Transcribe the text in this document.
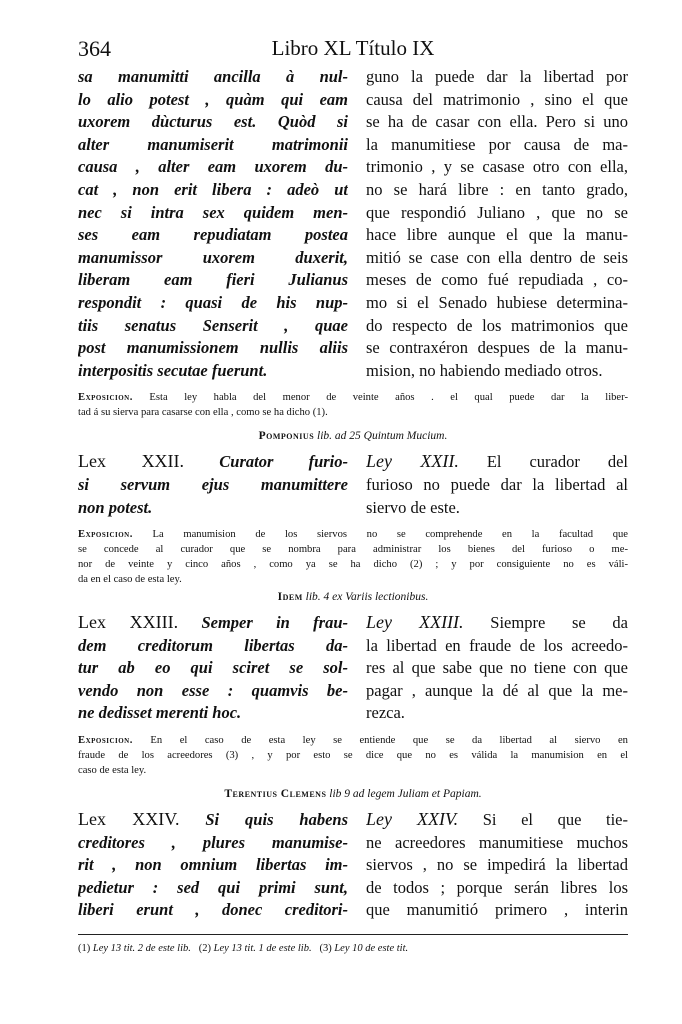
364	Libro XL Título IX
sa manumitti ancilla à nul-
lo alio potest , quàm qui eam
uxorem dùcturus est. Quòd si
alter manumiserit matrimonii
causa , alter eam uxorem du-
cat , non erit libera : adeò ut
nec si intra sex quidem men-
ses eam repudiatam postea
manumissor uxorem duxerit,
liberam eam fieri Julianus
respondit : quasi de his nup-
tiis senatus Senserit , quae
post manumissionem nullis aliis
interpositis secutae fuerunt.
guno la puede dar la libertad por
causa del matrimonio , sino el que
se ha de casar con ella. Pero si uno
la manumitiese por causa de ma-
trimonio , y se casase otro con ella,
no se hará libre : en tanto grado,
que respondió Juliano , que no se
hace libre aunque el que la manu-
mitió se case con ella dentro de seis
meses de como fué repudiada , co-
mo si el Senado hubiese determina-
do respecto de los matrimonios que
se contraxéron despues de la manu-
mision, no habiendo mediado otros.
Exposicion. Esta ley habla del menor de veinte años . el qual puede dar la liber-
tad á su sierva para casarse con ella , como se ha dicho (1).
Pomponius lib. ad 25 Quintum Mucium.
Lex XXII. Curator furio-
si servum ejus manumittere
non potest.
Ley XXII. El curador del
furioso no puede dar la libertad al
siervo de este.
Exposicion. La manumision de los siervos no se comprehende en la facultad que
se concede al curador que se nombra para administrar los bienes del furioso o me-
nor de veinte y cinco años , como ya se ha dicho (2) ; y por consiguiente no es váli-
da en el caso de esta ley.
Idem lib. 4 ex Variis lectionibus.
Lex XXIII. Semper in frau-
dem creditorum libertas da-
tur ab eo qui sciret se sol-
vendo non esse : quamvis be-
ne dedisset merenti hoc.
Ley XXIII. Siempre se da
la libertad en fraude de los acreedo-
res al que sabe que no tiene con que
pagar , aunque la dé al que la me-
rezca.
Exposicion. En el caso de esta ley se entiende que se da libertad al siervo en
fraude de los acreedores (3) , y por esto se dice que no es válida la manumision en el
caso de esta ley.
Terentius Clemens lib 9 ad legem Juliam et Papiam.
Lex XXIV. Si quis habens
creditores , plures manumise-
rit , non omnium libertas im-
pedietur : sed qui primi sunt,
liberi erunt , donec creditori-
Ley XXIV. Si el que tie-
ne acreedores manumitiese muchos
siervos , no se impedirá la libertad
de todos ; porque serán libres los
que manumitió primero , interin
(1) Ley 13 tit. 2 de este lib. (2) Ley 13 tit. 1 de este lib. (3) Ley 10 de este tit.
